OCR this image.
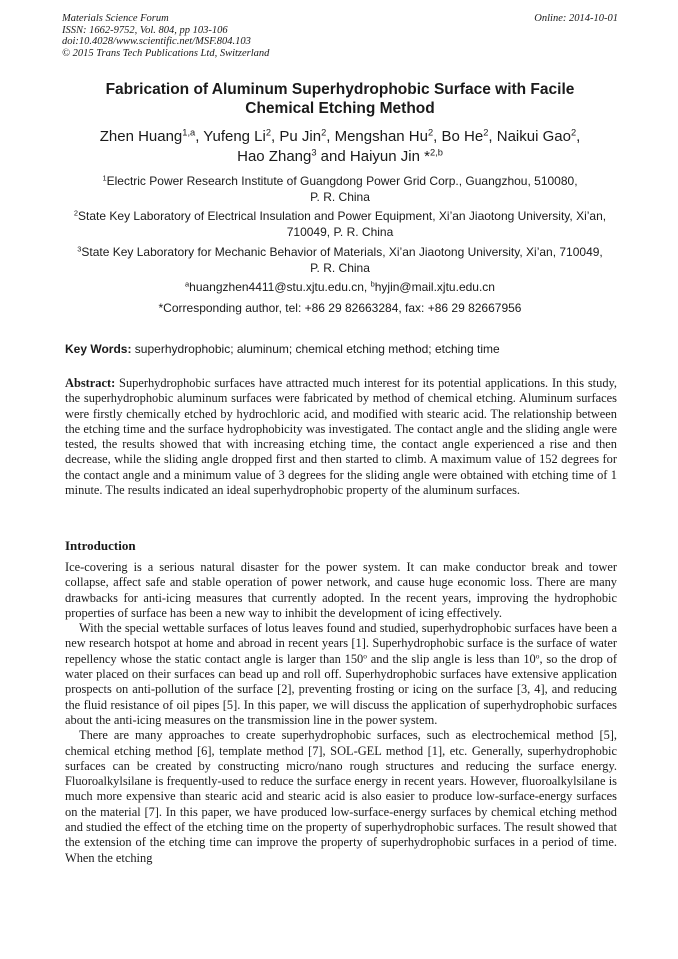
Materials Science Forum
ISSN: 1662-9752, Vol. 804, pp 103-106
doi:10.4028/www.scientific.net/MSF.804.103
© 2015 Trans Tech Publications Ltd, Switzerland
Online: 2014-10-01
Fabrication of Aluminum Superhydrophobic Surface with Facile
Chemical Etching Method
Zhen Huang$^{1,a}$, Yufeng Li$^2$, Pu Jin$^2$, Mengshan Hu$^2$, Bo He$^2$, Naikui Gao$^2$,
Hao Zhang$^3$ and Haiyun Jin *$^{2,b}$
$^1$Electric Power Research Institute of Guangdong Power Grid Corp., Guangzhou, 510080,
P. R. China
$^2$State Key Laboratory of Electrical Insulation and Power Equipment, Xi’an Jiaotong University, Xi’an,
710049, P. R. China
$^3$State Key Laboratory for Mechanic Behavior of Materials, Xi’an Jiaotong University, Xi’an, 710049,
P. R. China
$^a$huangzhen4411@stu.xjtu.edu.cn, $^b$hyjin@mail.xjtu.edu.cn
*Corresponding author, tel: +86 29 82663284, fax: +86 29 82667956
Key Words: superhydrophobic; aluminum; chemical etching method; etching time

Abstract: Superhydrophobic surfaces have attracted much interest for its potential applications. In this study, the superhydrophobic aluminum surfaces were fabricated by method of chemical etching. Aluminum surfaces were firstly chemically etched by hydrochloric acid, and modified with stearic acid. The relationship between the etching time and the surface hydrophobicity was investigated. The contact angle and the sliding angle were tested, the results showed that with increasing etching time, the contact angle experienced a rise and then decrease, while the sliding angle dropped first and then started to climb. A maximum value of 152 degrees for the contact angle and a minimum value of 3 degrees for the sliding angle were obtained with etching time of 1 minute. The results indicated an ideal superhydrophobic property of the aluminum surfaces.

Introduction

Ice-covering is a serious natural disaster for the power system. It can make conductor break and tower collapse, affect safe and stable operation of power network, and cause huge economic loss. There are many drawbacks for anti-icing measures that currently adopted. In the recent years, improving the hydrophobic properties of surface has been a new way to inhibit the development of icing effectively.

With the special wettable surfaces of lotus leaves found and studied, superhydrophobic surfaces have been a new research hotspot at home and abroad in recent years [1]. Superhydrophobic surface is the surface of water repellency whose the static contact angle is larger than 150$^o$ and the slip angle is less than 10$^o$, so the drop of water placed on their surfaces can bead up and roll off. Superhydrophobic surfaces have extensive application prospects on anti-pollution of the surface [2], preventing frosting or icing on the surface [3, 4], and reducing the fluid resistance of oil pipes [5]. In this paper, we will discuss the application of superhydrophobic surfaces about the anti-icing measures on the transmission line in the power system.

There are many approaches to create superhydrophobic surfaces, such as electrochemical method [5], chemical etching method [6], template method [7], SOL-GEL method [1], etc. Generally, superhydrophobic surfaces can be created by constructing micro/nano rough structures and reducing the surface energy. Fluoroalkylsilane is frequently-used to reduce the surface energy in recent years. However, fluoroalkylsilane is much more expensive than stearic acid and stearic acid is also easier to produce low-surface-energy surfaces on the material [7]. In this paper, we have produced low-surface-energy surfaces by chemical etching method and studied the effect of the etching time on the property of superhydrophobic surfaces. The result showed that the extension of the etching time can improve the property of superhydrophobic surfaces in a period of time. When the etching
